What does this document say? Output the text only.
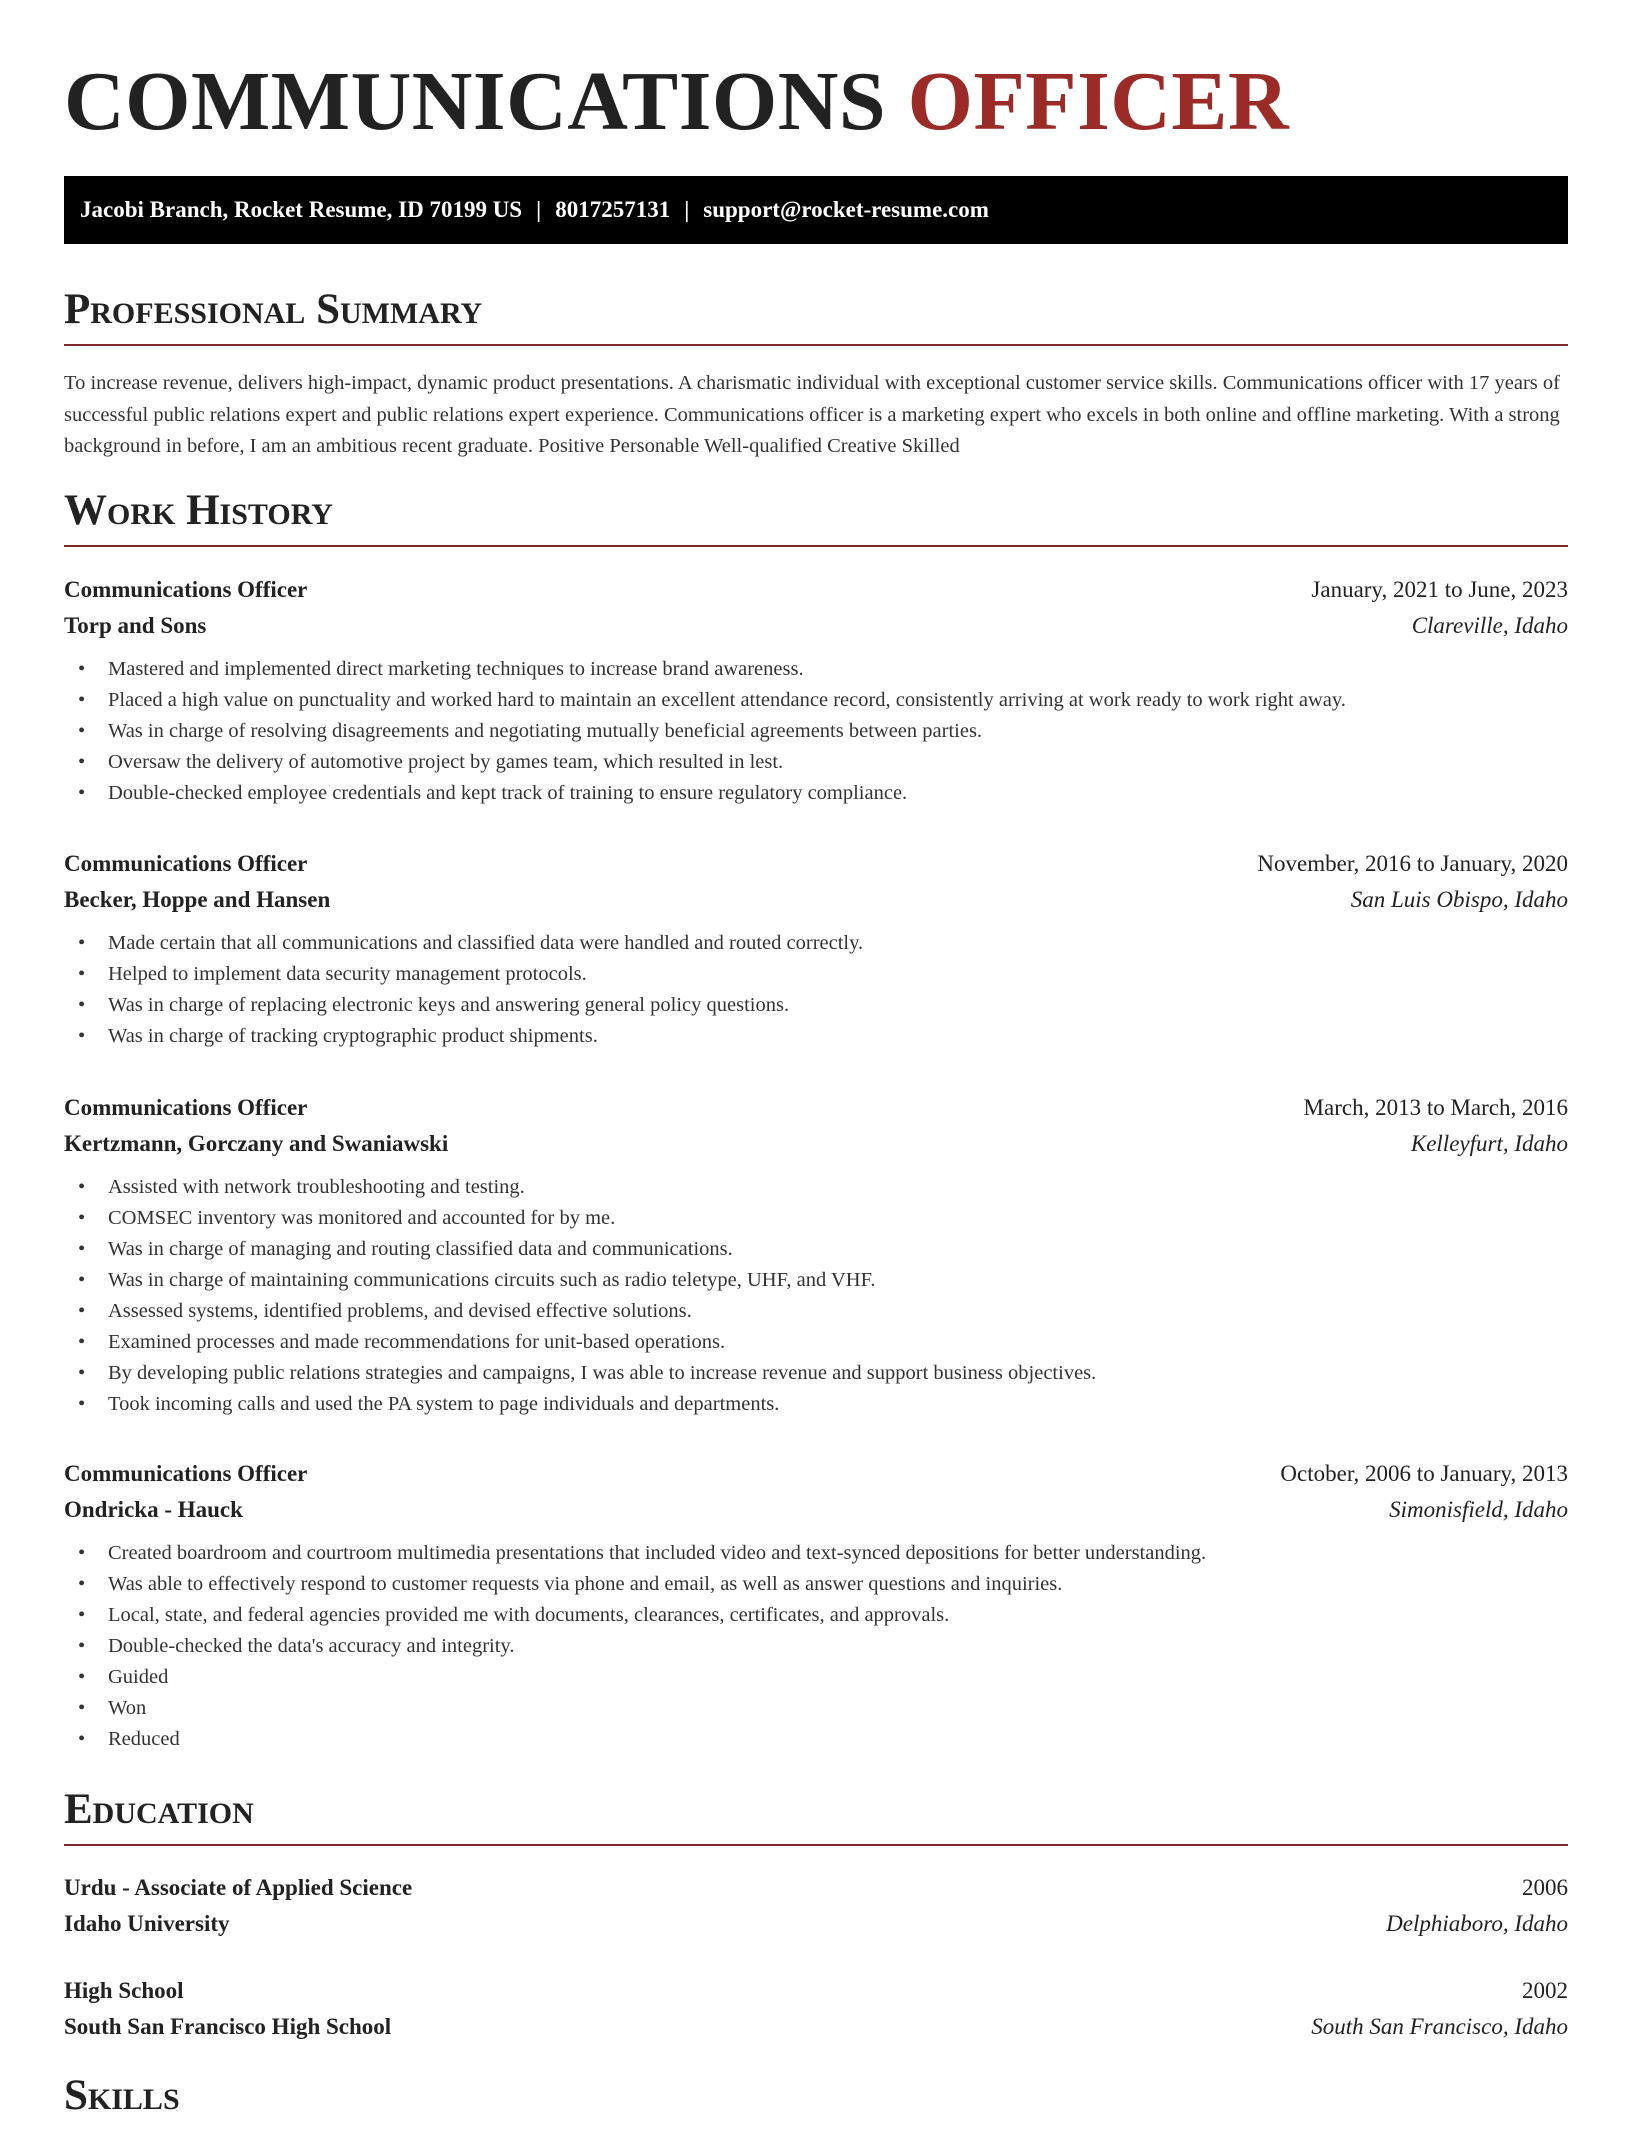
COMMUNICATIONS OFFICER
Jacobi Branch, Rocket Resume, ID 70199 US | 8017257131 | support@rocket-resume.com
Professional Summary

To increase revenue, delivers high-impact, dynamic product presentations. A charismatic individual with exceptional customer service skills. Communications officer with 17 years of successful public relations expert and public relations expert experience. Communications officer is a marketing expert who excels in both online and offline marketing. With a strong background in before, I am an ambitious recent graduate. Positive Personable Well-qualified Creative Skilled

Work History
Communications Officer	January, 2021 to June, 2023
Torp and Sons	Clareville, Idaho
• Mastered and implemented direct marketing techniques to increase brand awareness.
• Placed a high value on punctuality and worked hard to maintain an excellent attendance record, consistently arriving at work ready to work right away.
• Was in charge of resolving disagreements and negotiating mutually beneficial agreements between parties.
• Oversaw the delivery of automotive project by games team, which resulted in lest.
• Double-checked employee credentials and kept track of training to ensure regulatory compliance.
Communications Officer	November, 2016 to January, 2020
Becker, Hoppe and Hansen	San Luis Obispo, Idaho
• Made certain that all communications and classified data were handled and routed correctly.
• Helped to implement data security management protocols.
• Was in charge of replacing electronic keys and answering general policy questions.
• Was in charge of tracking cryptographic product shipments.
Communications Officer	March, 2013 to March, 2016
Kertzmann, Gorczany and Swaniawski	Kelleyfurt, Idaho
• Assisted with network troubleshooting and testing.
• COMSEC inventory was monitored and accounted for by me.
• Was in charge of managing and routing classified data and communications.
• Was in charge of maintaining communications circuits such as radio teletype, UHF, and VHF.
• Assessed systems, identified problems, and devised effective solutions.
• Examined processes and made recommendations for unit-based operations.
• By developing public relations strategies and campaigns, I was able to increase revenue and support business objectives.
• Took incoming calls and used the PA system to page individuals and departments.
Communications Officer	October, 2006 to January, 2013
Ondricka - Hauck	Simonisfield, Idaho
• Created boardroom and courtroom multimedia presentations that included video and text-synced depositions for better understanding.
• Was able to effectively respond to customer requests via phone and email, as well as answer questions and inquiries.
• Local, state, and federal agencies provided me with documents, clearances, certificates, and approvals.
• Double-checked the data's accuracy and integrity.
• Guided
• Won
• Reduced
Education
Urdu - Associate of Applied Science	2006
Idaho University	Delphiaboro, Idaho
High School	2002
South San Francisco High School	South San Francisco, Idaho
Skills
